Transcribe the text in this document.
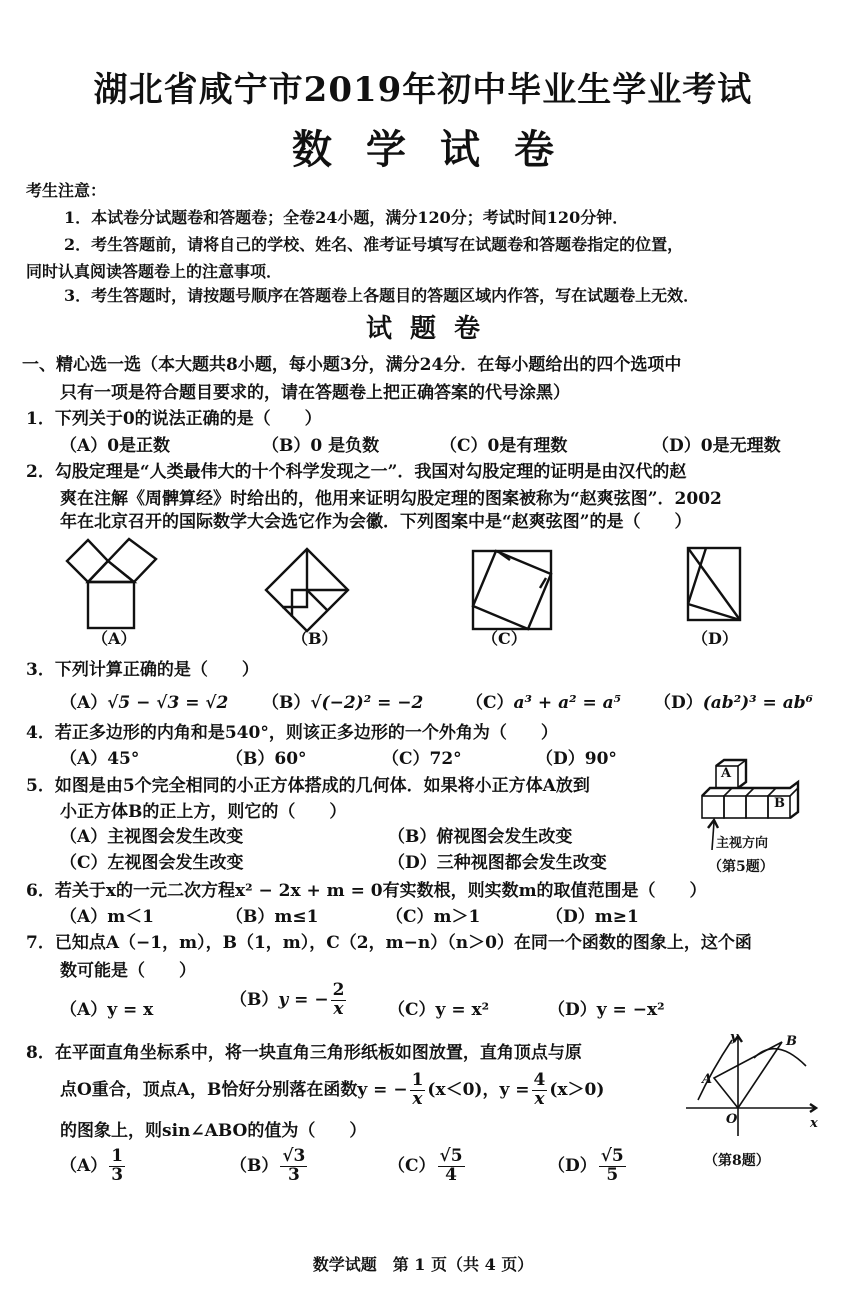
湖北省咸宁市2019年初中毕业生学业考试
数学试卷
考生注意：
1．本试卷分试题卷和答题卷；全卷24小题，满分120分；考试时间120分钟．
2．考生答题前，请将自己的学校、姓名、准考证号填写在试题卷和答题卷指定的位置，
同时认真阅读答题卷上的注意事项．
3．考生答题时，请按题号顺序在答题卷上各题目的答题区域内作答，写在试题卷上无效．
试题卷
一、精心选一选（本大题共8小题，每小题3分，满分24分．在每小题给出的四个选项中
只有一项是符合题目要求的，请在答题卷上把正确答案的代号涂黑）
1．下列关于0的说法正确的是（　　）
（A）0是正数	（B）0 是负数	（C）0是有理数	（D）0是无理数
2．勾股定理是“人类最伟大的十个科学发现之一”．我国对勾股定理的证明是由汉代的赵
爽在注解《周髀算经》时给出的，他用来证明勾股定理的图案被称为“赵爽弦图”．2002
年在北京召开的国际数学大会选它作为会徽．下列图案中是“赵爽弦图”的是（　　）
（A）	（B）	（C）	（D）
3．下列计算正确的是（　　）
（A）√5 − √3 = √2 （B）√(−2)² = −2	（C）a³ + a² = a⁵ （D）(ab²)³ = ab⁶
4．若正多边形的内角和是540°，则该正多边形的一个外角为（　　）
（A）45°	（B）60°	（C）72°	（D）90°
5．如图是由5个完全相同的小正方体搭成的几何体．如果将小正方体A放到
小正方体B的正上方，则它的（　　）
（A）主视图会发生改变	（B）俯视图会发生改变
（C）左视图会发生改变	（D）三种视图都会发生改变
A
B
主视方向
（第5题）
6．若关于x的一元二次方程x² − 2x + m = 0有实数根，则实数m的取值范围是（　　）
（A）m＜1	（B）m≤1	（C）m＞1	（D）m≥1
7．已知点A（−1，m），B（1，m），C（2，m−n）（n＞0）在同一个函数的图象上，这个函
数可能是（　　）
（A）y = x
（B）y = − $\frac{2}{x} (C)y = x^2$	（D）y = −x²
8．在平面直角坐标系中，将一块直角三角形纸板如图放置，直角顶点与原
点O重合，顶点A，B恰好分别落在函数y = − $\frac{1}{x} (x<0)$，$y = \frac{4}{x} (x>0)$
的图象上，则sin∠ABO的值为（　　）
$(A) \frac{1}{3}$	$(B) \frac{√3}{3}$	$(C) \frac{√5}{4}$	$(D) \frac{√5}{5}$
y
x
O
A
B
（第8题）
数学试题　第 1 页（共 4 页）
